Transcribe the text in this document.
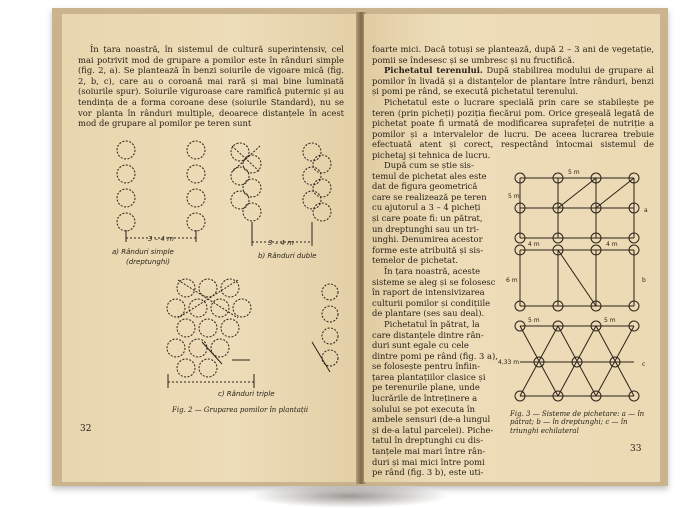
În țara noastră, în sistemul de cultură superintensiv, cel mai potrivit mod de grupare a pomilor este în rânduri simple (fig. 2, a). Se plantează în benzi soiurile de vigoare mică (fig. 2, b, c), care au o coroană mai rară și mai bine luminată (soiurile spur). Soiurile viguroase care ramifică puternic și au tendința de a forma coroane dese (soiurile Standard), nu se vor planta în rânduri multiple, deoarece distanțele în acest mod de grupare al pomilor pe teren sunt

3 – 4 m
a) Rânduri simple
(dreptunghi)
3 – 4 m
b) Rânduri duble
c) Rânduri triple
Fig. 2 — Gruparea pomilor în plantații
32

foarte mici. Dacă totuși se plantează, după 2 – 3 ani de vegetație, pomii se îndesesc și se umbresc și nu fructifică.

Pichetatul terenului. După stabilirea modului de grupare al pomilor în livadă și a distanțelor de plantare între rânduri, benzi și pomi pe rând, se execută pichetatul terenului.

Pichetatul este o lucrare specială prin care se stabilește pe teren (prin picheți) poziția fiecărui pom. Orice greșeală legată de pichetat poate fi urmată de modificarea suprafeței de nutriție a pomilor și a intervalelor de lucru. De aceea lucrarea trebuie efectuată atent și corect, respectând întocmai sistemul de pichetaj și tehnica de lucru.

După cum se știe sis-
temul de pichetat ales este
dat de figura geometrică
care se realizează pe teren
cu ajutorul a 3 – 4 picheți
și care poate fi: un pătrat,
un dreptunghi sau un tri-
unghi. Denumirea acestor
forme este atribuită și sis-
temelor de pichetat.
În țara noastră, aceste
sisteme se aleg și se folosesc
în raport de intensivizarea
culturii pomilor și condițiile
de plantare (ses sau deal).
Pichetatul în pătrat, la
care distanțele dintre rân-
duri sunt egale cu cele
dintre pomi pe rând (fig. 3 a),
se folosește pentru înfiin-
țarea plantațiilor clasice și
pe terenurile plane, unde
lucrările de întreținere a
solului se pot executa în
ambele sensuri (de-a lungul
și de-a latul parcelei). Piche-
tatul în dreptunghi cu dis-
tanțele mai mari între rân-
duri și mai mici între pomi
pe rând (fig. 3 b), este uti-
5 m
5 m
a
4 m	4 m
6 m	b
5 m	5 m
4,33 m	c
Fig. 3 — Sisteme de pichetare: a — în pătrat; b — în dreptunghi; c — în triunghi echilateral
33
